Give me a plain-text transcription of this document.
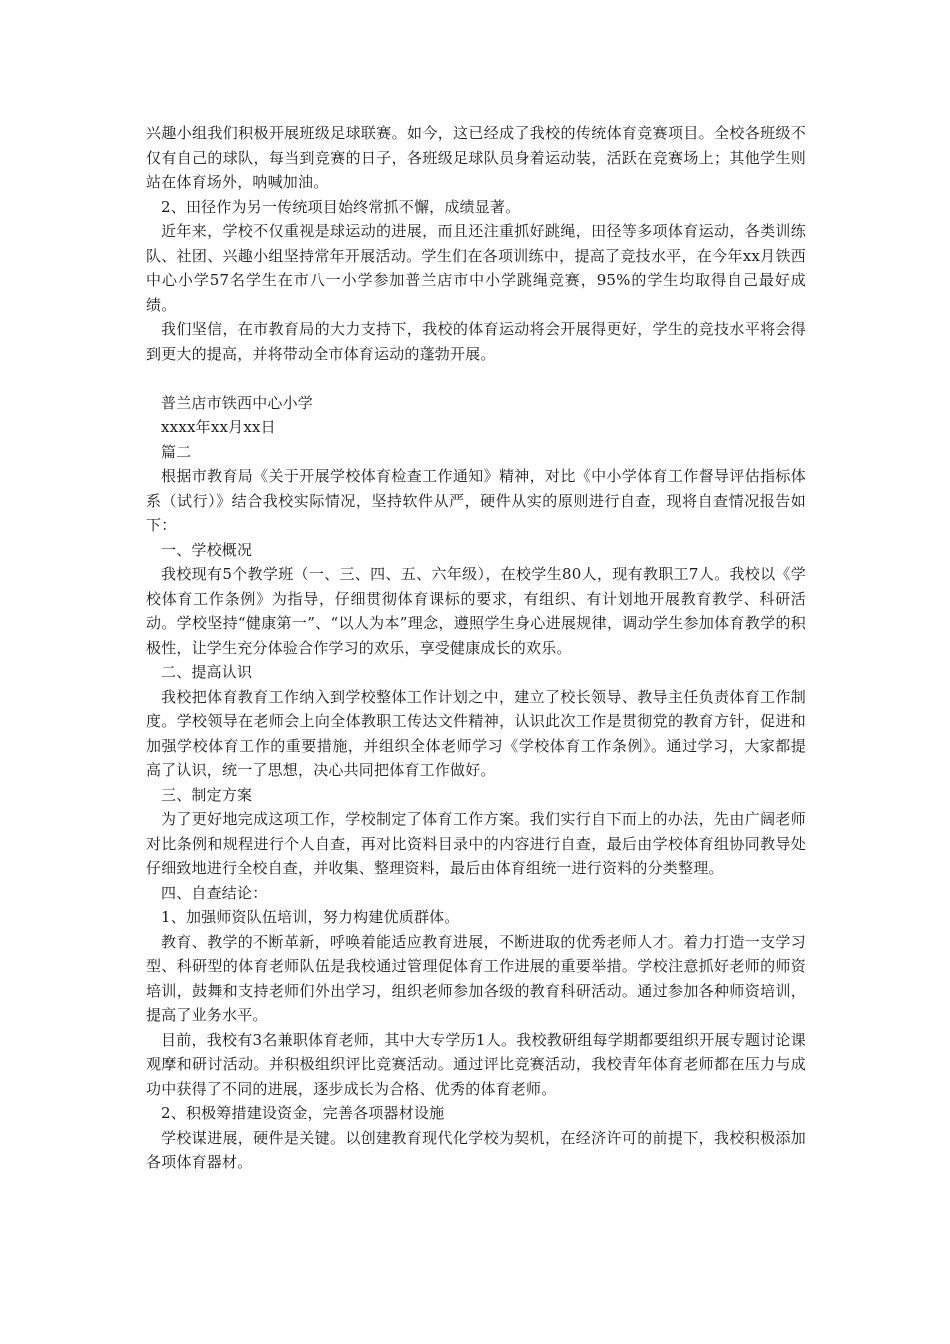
兴趣小组我们积极开展班级足球联赛。如今，这已经成了我校的传统体育竞赛项目。全校各班级不仅有自己的球队，每当到竞赛的日子，各班级足球队员身着运动装，活跃在竞赛场上；其他学生则站在体育场外，呐喊加油。

2、田径作为另一传统项目始终常抓不懈，成绩显著。

近年来，学校不仅重视是球运动的进展，而且还注重抓好跳绳，田径等多项体育运动，各类训练队、社团、兴趣小组坚持常年开展活动。学生们在各项训练中，提高了竞技水平，在今年xx月铁西中心小学57名学生在市八一小学参加普兰店市中小学跳绳竞赛，95%的学生均取得自己最好成绩。

我们坚信，在市教育局的大力支持下，我校的体育运动将会开展得更好，学生的竞技水平将会得到更大的提高，并将带动全市体育运动的蓬勃开展。

普兰店市铁西中心小学

xxxx年xx月xx日

篇二

根据市教育局《关于开展学校体育检查工作通知》精神，对比《中小学体育工作督导评估指标体系（试行）》结合我校实际情况，坚持软件从严，硬件从实的原则进行自查，现将自查情况报告如下：

一、学校概况

我校现有5个教学班（一、三、四、五、六年级），在校学生80人，现有教职工7人。我校以《学校体育工作条例》为指导，仔细贯彻体育课标的要求，有组织、有计划地开展教育教学、科研活动。学校坚持“健康第一”、“以人为本”理念，遵照学生身心进展规律，调动学生参加体育教学的积极性，让学生充分体验合作学习的欢乐，享受健康成长的欢乐。

二、提高认识

我校把体育教育工作纳入到学校整体工作计划之中，建立了校长领导、教导主任负责体育工作制度。学校领导在老师会上向全体教职工传达文件精神，认识此次工作是贯彻党的教育方针，促进和加强学校体育工作的重要措施，并组织全体老师学习《学校体育工作条例》。通过学习，大家都提高了认识，统一了思想，决心共同把体育工作做好。

三、制定方案

为了更好地完成这项工作，学校制定了体育工作方案。我们实行自下而上的办法，先由广阔老师对比条例和规程进行个人自查，再对比资料目录中的内容进行自查，最后由学校体育组协同教导处仔细致地进行全校自查，并收集、整理资料，最后由体育组统一进行资料的分类整理。

四、自查结论：

1、加强师资队伍培训，努力构建优质群体。

教育、教学的不断革新，呼唤着能适应教育进展，不断进取的优秀老师人才。着力打造一支学习型、科研型的体育老师队伍是我校通过管理促体育工作进展的重要举措。学校注意抓好老师的师资培训，鼓舞和支持老师们外出学习，组织老师参加各级的教育科研活动。通过参加各种师资培训，提高了业务水平。

目前，我校有3名兼职体育老师，其中大专学历1人。我校教研组每学期都要组织开展专题讨论课观摩和研讨活动。并积极组织评比竞赛活动。通过评比竞赛活动，我校青年体育老师都在压力与成功中获得了不同的进展，逐步成长为合格、优秀的体育老师。

2、积极筹措建设资金，完善各项器材设施

学校谋进展，硬件是关键。以创建教育现代化学校为契机，在经济许可的前提下，我校积极添加各项体育器材。
